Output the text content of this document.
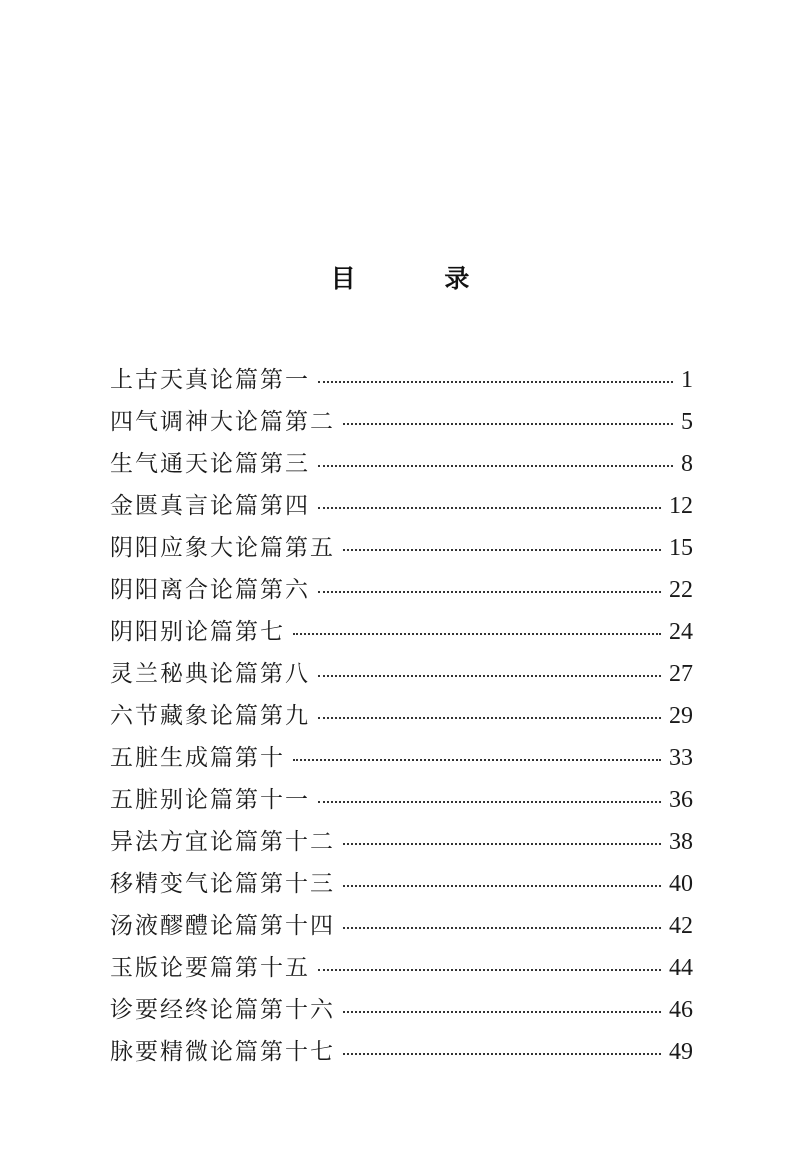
目 录
上古天真论篇第一	1
四气调神大论篇第二	5
生气通天论篇第三	8
金匮真言论篇第四	12
阴阳应象大论篇第五	15
阴阳离合论篇第六	22
阴阳别论篇第七	24
灵兰秘典论篇第八	27
六节藏象论篇第九	29
五脏生成篇第十	33
五脏别论篇第十一	36
异法方宜论篇第十二	38
移精变气论篇第十三	40
汤液醪醴论篇第十四	42
玉版论要篇第十五	44
诊要经终论篇第十六	46
脉要精微论篇第十七	49
